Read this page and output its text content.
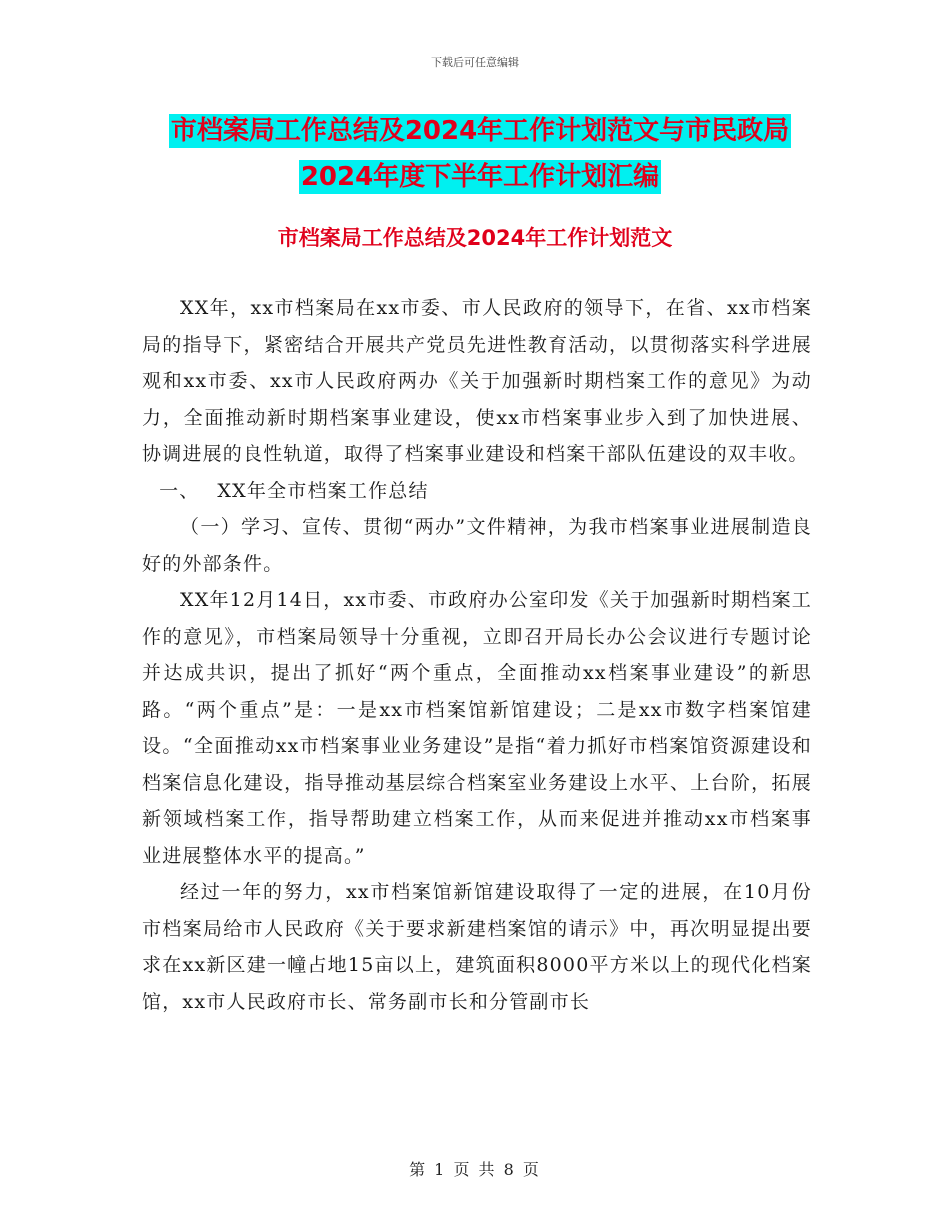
下载后可任意编辑
市档案局工作总结及2024年工作计划范文与市民政局
2024年度下半年工作计划汇编
市档案局工作总结及2024年工作计划范文

XX年，xx市档案局在xx市委、市人民政府的领导下，在省、xx市档案局的指导下，紧密结合开展共产党员先进性教育活动，以贯彻落实科学进展观和xx市委、xx市人民政府两办《关于加强新时期档案工作的意见》为动力，全面推动新时期档案事业建设，使xx市档案事业步入到了加快进展、协调进展的良性轨道，取得了档案事业建设和档案干部队伍建设的双丰收。

一、　 XX年全市档案工作总结

（一）学习、宣传、贯彻“两办”文件精神，为我市档案事业进展制造良好的外部条件。

XX年12月14日，xx市委、市政府办公室印发《关于加强新时期档案工作的意见》，市档案局领导十分重视，立即召开局长办公会议进行专题讨论并达成共识，提出了抓好“两个重点，全面推动xx档案事业建设”的新思路。“两个重点”是：一是xx市档案馆新馆建设；二是xx市数字档案馆建设。“全面推动xx市档案事业业务建设”是指“着力抓好市档案馆资源建设和档案信息化建设，指导推动基层综合档案室业务建设上水平、上台阶，拓展新领域档案工作，指导帮助建立档案工作，从而来促进并推动xx市档案事业进展整体水平的提高。”

经过一年的努力，xx市档案馆新馆建设取得了一定的进展，在10月份市档案局给市人民政府《关于要求新建档案馆的请示》中，再次明显提出要求在xx新区建一幢占地15亩以上，建筑面积8000平方米以上的现代化档案馆，xx市人民政府市长、常务副市长和分管副市长

第 1 页 共 8 页
